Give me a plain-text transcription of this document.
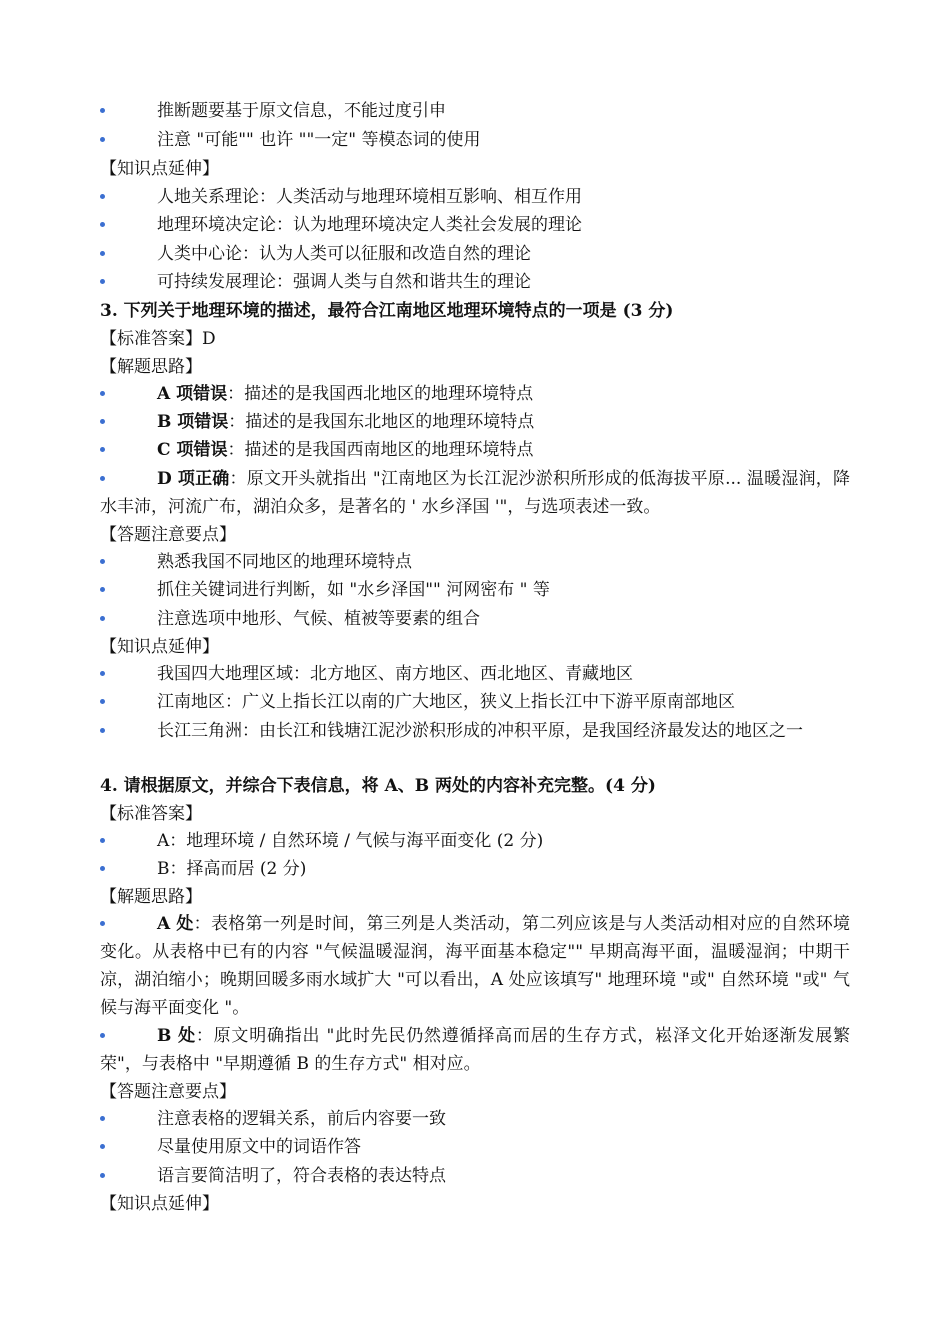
推断题要基于原文信息，不能过度引申
注意 "可能"" 也许 ""一定" 等模态词的使用
【知识点延伸】
人地关系理论：人类活动与地理环境相互影响、相互作用
地理环境决定论：认为地理环境决定人类社会发展的理论
人类中心论：认为人类可以征服和改造自然的理论
可持续发展理论：强调人类与自然和谐共生的理论
3. 下列关于地理环境的描述，最符合江南地区地理环境特点的一项是 (3 分)
【标准答案】D
【解题思路】
A 项错误：描述的是我国西北地区的地理环境特点
B 项错误：描述的是我国东北地区的地理环境特点
C 项错误：描述的是我国西南地区的地理环境特点
D 项正确：原文开头就指出 "江南地区为长江泥沙淤积所形成的低海拔平原... 温暖湿润，降水丰沛，河流广布，湖泊众多，是著名的 ' 水乡泽国 '"，与选项表述一致。
【答题注意要点】
熟悉我国不同地区的地理环境特点
抓住关键词进行判断，如 "水乡泽国"" 河网密布 " 等
注意选项中地形、气候、植被等要素的组合
【知识点延伸】
我国四大地理区域：北方地区、南方地区、西北地区、青藏地区
江南地区：广义上指长江以南的广大地区，狭义上指长江中下游平原南部地区
长江三角洲：由长江和钱塘江泥沙淤积形成的冲积平原，是我国经济最发达的地区之一
4. 请根据原文，并综合下表信息，将 A、B 两处的内容补充完整。(4 分)
【标准答案】
A：地理环境 / 自然环境 / 气候与海平面变化 (2 分)
B：择高而居 (2 分)
【解题思路】
A 处：表格第一列是时间，第三列是人类活动，第二列应该是与人类活动相对应的自然环境变化。从表格中已有的内容 "气候温暖湿润，海平面基本稳定"" 早期高海平面，温暖湿润；中期干凉，湖泊缩小；晚期回暖多雨水域扩大 "可以看出，A 处应该填写" 地理环境 "或" 自然环境 "或" 气候与海平面变化 "。
B 处：原文明确指出 "此时先民仍然遵循择高而居的生存方式，崧泽文化开始逐渐发展繁荣"，与表格中 "早期遵循 B 的生存方式" 相对应。
【答题注意要点】
注意表格的逻辑关系，前后内容要一致
尽量使用原文中的词语作答
语言要简洁明了，符合表格的表达特点
【知识点延伸】
